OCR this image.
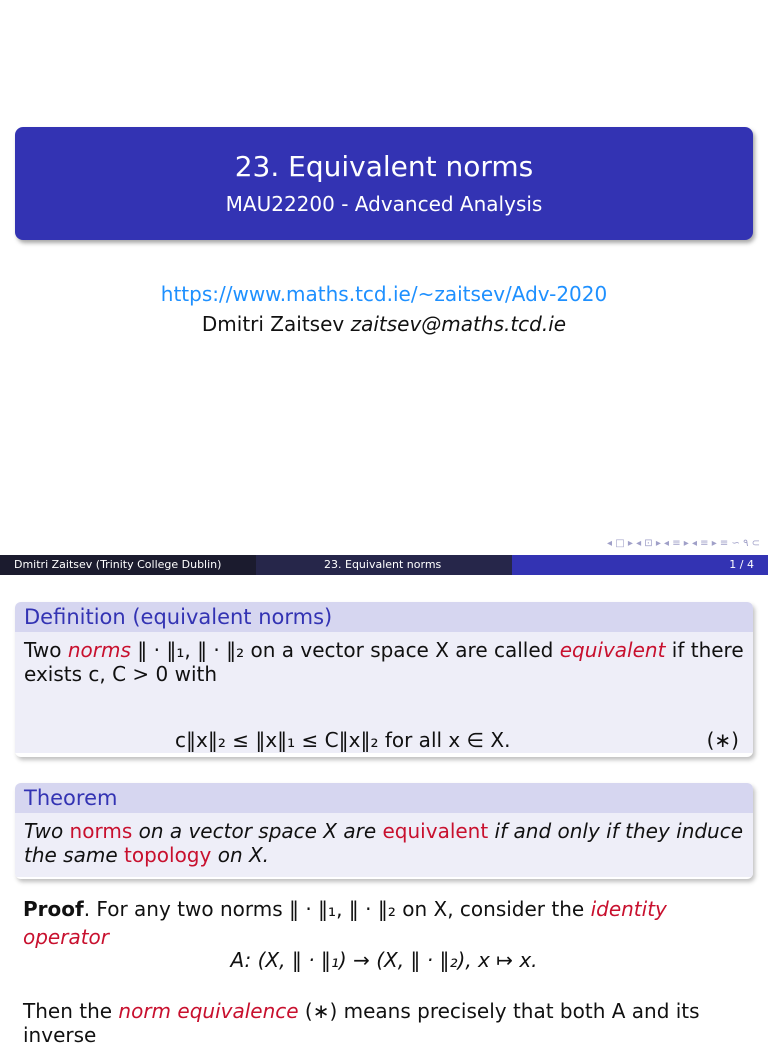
23. Equivalent norms
MAU22200 - Advanced Analysis
https://www.maths.tcd.ie/~zaitsev/Adv-2020
Dmitri Zaitsev zaitsev@maths.tcd.ie
◂ □ ▸ ◂ ⊡ ▸ ◂ ≡ ▸ ◂ ≡ ▸ ≡ ∽ ٩ ⊂
Dmitri Zaitsev (Trinity College Dublin)	23. Equivalent norms	1 / 4
Definition (equivalent norms)
Two norms ‖ · ‖₁, ‖ · ‖₂ on a vector space X are called equivalent if there exists c, C > 0 with
c‖x‖₂ ≤ ‖x‖₁ ≤ C‖x‖₂ for all x ∈ X.	(∗)
Theorem
Two norms on a vector space X are equivalent if and only if they induce the same topology on X.
Proof. For any two norms ‖ · ‖₁, ‖ · ‖₂ on X, consider the identity operator
A: (X, ‖ · ‖₁) → (X, ‖ · ‖₂), x ↦ x.
Then the norm equivalence (∗) means precisely that both A and its inverse
